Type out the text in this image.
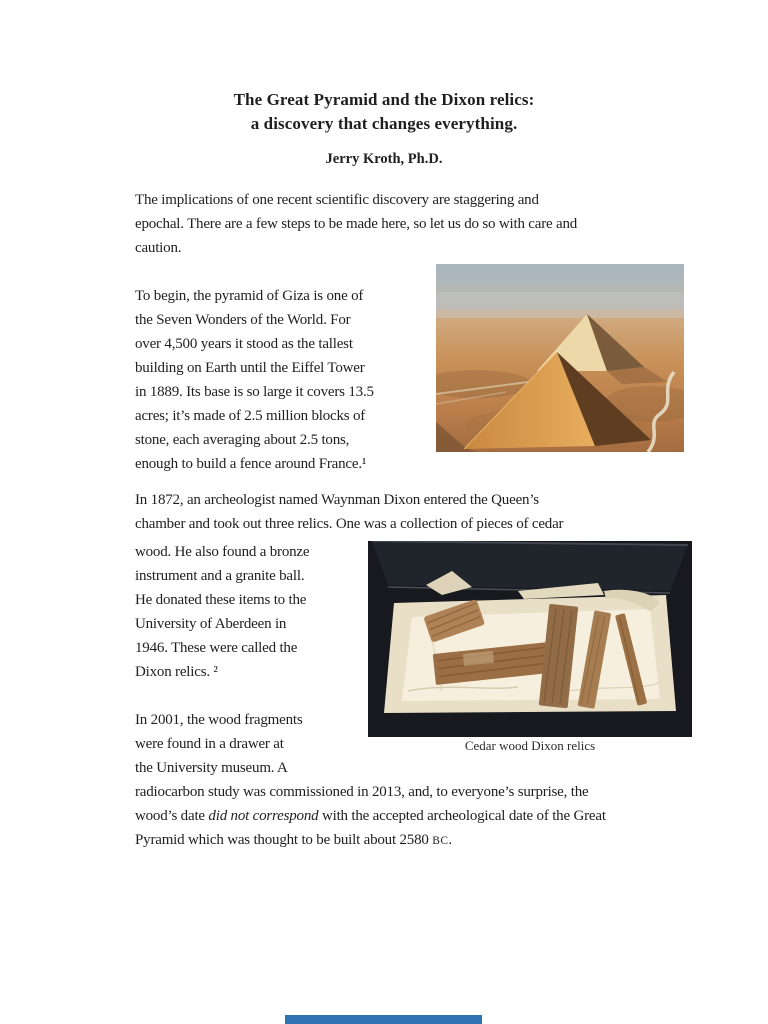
The Great Pyramid and the Dixon relics:
a discovery that changes everything.
Jerry Kroth, Ph.D.
The implications of one recent scientific discovery are staggering and
epochal. There are a few steps to be made here, so let us do so with care and
caution.
To begin, the pyramid of Giza is one of
the Seven Wonders of the World. For
over 4,500 years it stood as the tallest
building on Earth until the Eiffel Tower
in 1889. Its base is so large it covers 13.5
acres; it’s made of 2.5 million blocks of
stone, each averaging about 2.5 tons,
enough to build a fence around France.¹
In 1872, an archeologist named Waynman Dixon entered the Queen’s
chamber and took out three relics. One was a collection of pieces of cedar
wood. He also found a bronze
instrument and a granite ball.
He donated these items to the
University of Aberdeen in
1946. These were called the
Dixon relics. ²
In 2001, the wood fragments
were found in a drawer at
the University museum. A
Cedar wood Dixon relics
radiocarbon study was commissioned in 2013, and, to everyone’s surprise, the
wood’s date did not correspond with the accepted archeological date of the Great
Pyramid which was thought to be built about 2580 BC.
